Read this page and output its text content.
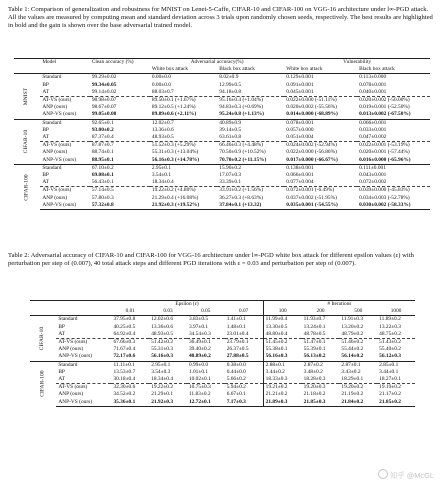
Table 1: Comparison of generalization and robustness for MNIST on Lenet-5-Caffe, CIFAR-10 and CIFAR-100 on VGG-16 architecture under l∞-PGD attack. All the values are measured by computing mean and standard deviation across 3 trials upon randomly chosen seeds, respectively. The best results are highlighted in bold and the gain is shown over the base adversarial trained model.
	Model	Clean accuracy (%)	Adversarial accuracy(%)		Vulnerability	
			White box attack	Black box attack	White box attack	Black box attack
MNIST	Standard	99.29±0.02	0.00±0.0	8.02±0.9	0.129±0.001	0.113±0.000
	BP	99.34±0.05	0.00±0.0	12.99±0.5	0.091±0.001	0.078±0.001
	AT	99.14±0.02	88.03±0.7	94.18±0.8	0.045±0.001	0.040±0.001
	AT-VS (ours)	98.98±0.07	89.50±0.1 (+1.67%)	95.16±0.4 (+1.04%)	0.022±0.000 (-51.11%)	0.020±0.002 (-50.00%)
	ANP (ours)	98.67±0.07	89.12±0.5 (+1.24%)	94.83±0.3 (+0.69%)	0.020±0.002 (-55.56%)	0.019±0.001 (-52.50%)
	ANP-VS (ours)	99.05±0.08	89.89±0.6 (+2.11%)	95.24±0.8 (+1.13%)	0.014±0.000 (-68.89%)	0.013±0.002 (-67.50%)
CIFAR-10	Standard	92.65±0.1	12.02±0.7	40.89±0.9	0.078±0.001	0.066±0.001
	BP	93.00±0.2	13.36±0.6	39.14±0.5	0.057±0.000	0.033±0.001
	AT	87.37±0.4	48.93±0.5	63.61±0.8	0.051±0.004	0.047±0.002
	AT-VS (ours)	87.87±0.7	51.52±0.3 (+5.29%)	66.46±0.3 (+4.48%)	0.024±0.002 (-52.94%)	0.022±0.001 (-53.19%)
	ANP (ours)	88.74±0.1	55.31±0.3 (+13.04%)	70.50±0.9 (+10.52%)	0.022±0.000 (-56.86%)	0.020±0.001 (-57.44%)
	ANP-VS (ours)	88.95±0.1	56.16±0.3 (+14.78%)	70.70±0.2 (+11.15%)	0.017±0.000 (-66.67%)	0.016±0.000 (-65.96%)
CIFAR-100	Standard	67.10±0.2	2.95±0.1	15.90±0.2	0.138±0.001	0.111±0.001
	BP	69.08±0.1	3.54±0.1	17.07±0.3	0.066±0.001	0.043±0.001
	AT	56.43±0.1	18.34±0.4	33.39±0.1	0.077±0.004	0.072±0.002
	AT-VS (ours)	57.14±0.5	19.22±0.2 (+4.80%)	33.91±0.2 (+1.56%)	0.072±0.001 (-6.49%)	0.039±0.000 (-45.83%)
	ANP (ours)	57.80±0.3	21.29±0.4 (+16.08%)	36.27±0.3 (+8.63%)	0.037±0.002 (-51.95%)	0.034±0.003 (-52.78%)
	ANP-VS (ours)	57.32±0.8	21.92±0.3 (+19.52%)	37.84±0.1 (+13.32)	0.035±0.001 (-54.55%)	0.030±0.002 (-58.33%)
Table 2: Adversarial accuracy of CIFAR-10 and CIFAR-100 for VGG-16 architecture under l∞-PGD white box attack for different epsilon values (ε) with perturbation per step of (0.007), 40 total attack steps and different PGD iterations with ε = 0.03 and perturbation per step of (0.007).
		Epsilon (ε)				# Iterations			
		0.01	0.03	0.05	0.07	100	200	500	1000
CIFAR-10	Standard	37.95±0.8	12.02±0.6	3.83±0.5	1.41±0.1	11.99±0.4	11.93±0.7	11.91±0.3	11.89±0.2
	BP	40.25±0.5	13.36±0.6	3.97±0.1	1.48±0.1	13.30±0.5	13.24±0.1	13.20±0.2	13.22±0.3
	AT	64.92±0.4	48.93±0.5	34.54±0.3	23.01±0.4	48.80±0.4	48.78±0.5	48.79±0.2	48.75±0.2
	AT-VS (ours)	67.66±0.3	51.42±0.2	36.49±0.1	23.79±0.1	51.45±0.2	51.47±0.1	51.46±0.2	51.43±0.2
	ANP (ours)	71.67±0.4	55.31±0.3	39.40±0.2	26.37±0.5	55.38±0.1	55.39±0.1	55.44±0.2	55.40±0.2
	ANP-VS (ours)	72.17±0.6	56.16±0.3	40.89±0.2	27.88±0.5	56.16±0.3	56.13±0.2	56.14±0.2	56.12±0.3
CIFAR-100	Standard	11.11±0.1	2.95±0.1	0.99±0.0	0.38±0.0	2.88±0.1	2.87±0.2	2.87±0.1	2.85±0.1
	BP	13.53±0.7	3.54±0.3	1.01±0.1	0.44±0.0	3.44±0.2	3.48±0.2	3.43±0.2	3.44±0.1
	AT	30.18±0.4	18.34±0.4	10.02±0.1	5.66±0.2	18.33±0.3	18.28±0.3	18.29±0.1	18.27±0.1
	AT-VS (ours)	32.30±0.6	19.22±0.2	10.75±0.3	5.94±0.2	19.21±0.2	19.20±0.3	19.20±0.2	19.19±0.2
	ANP (ours)	34.52±0.2	21.29±0.1	11.83±0.2	6.67±0.1	21.21±0.2	21.18±0.2	21.19±0.2	21.17±0.2
	ANP-VS (ours)	35.36±0.1	21.92±0.3	12.72±0.1	7.17±0.3	21.89±0.3	21.85±0.3	21.84±0.2	21.85±0.2
知乎 @McGL
